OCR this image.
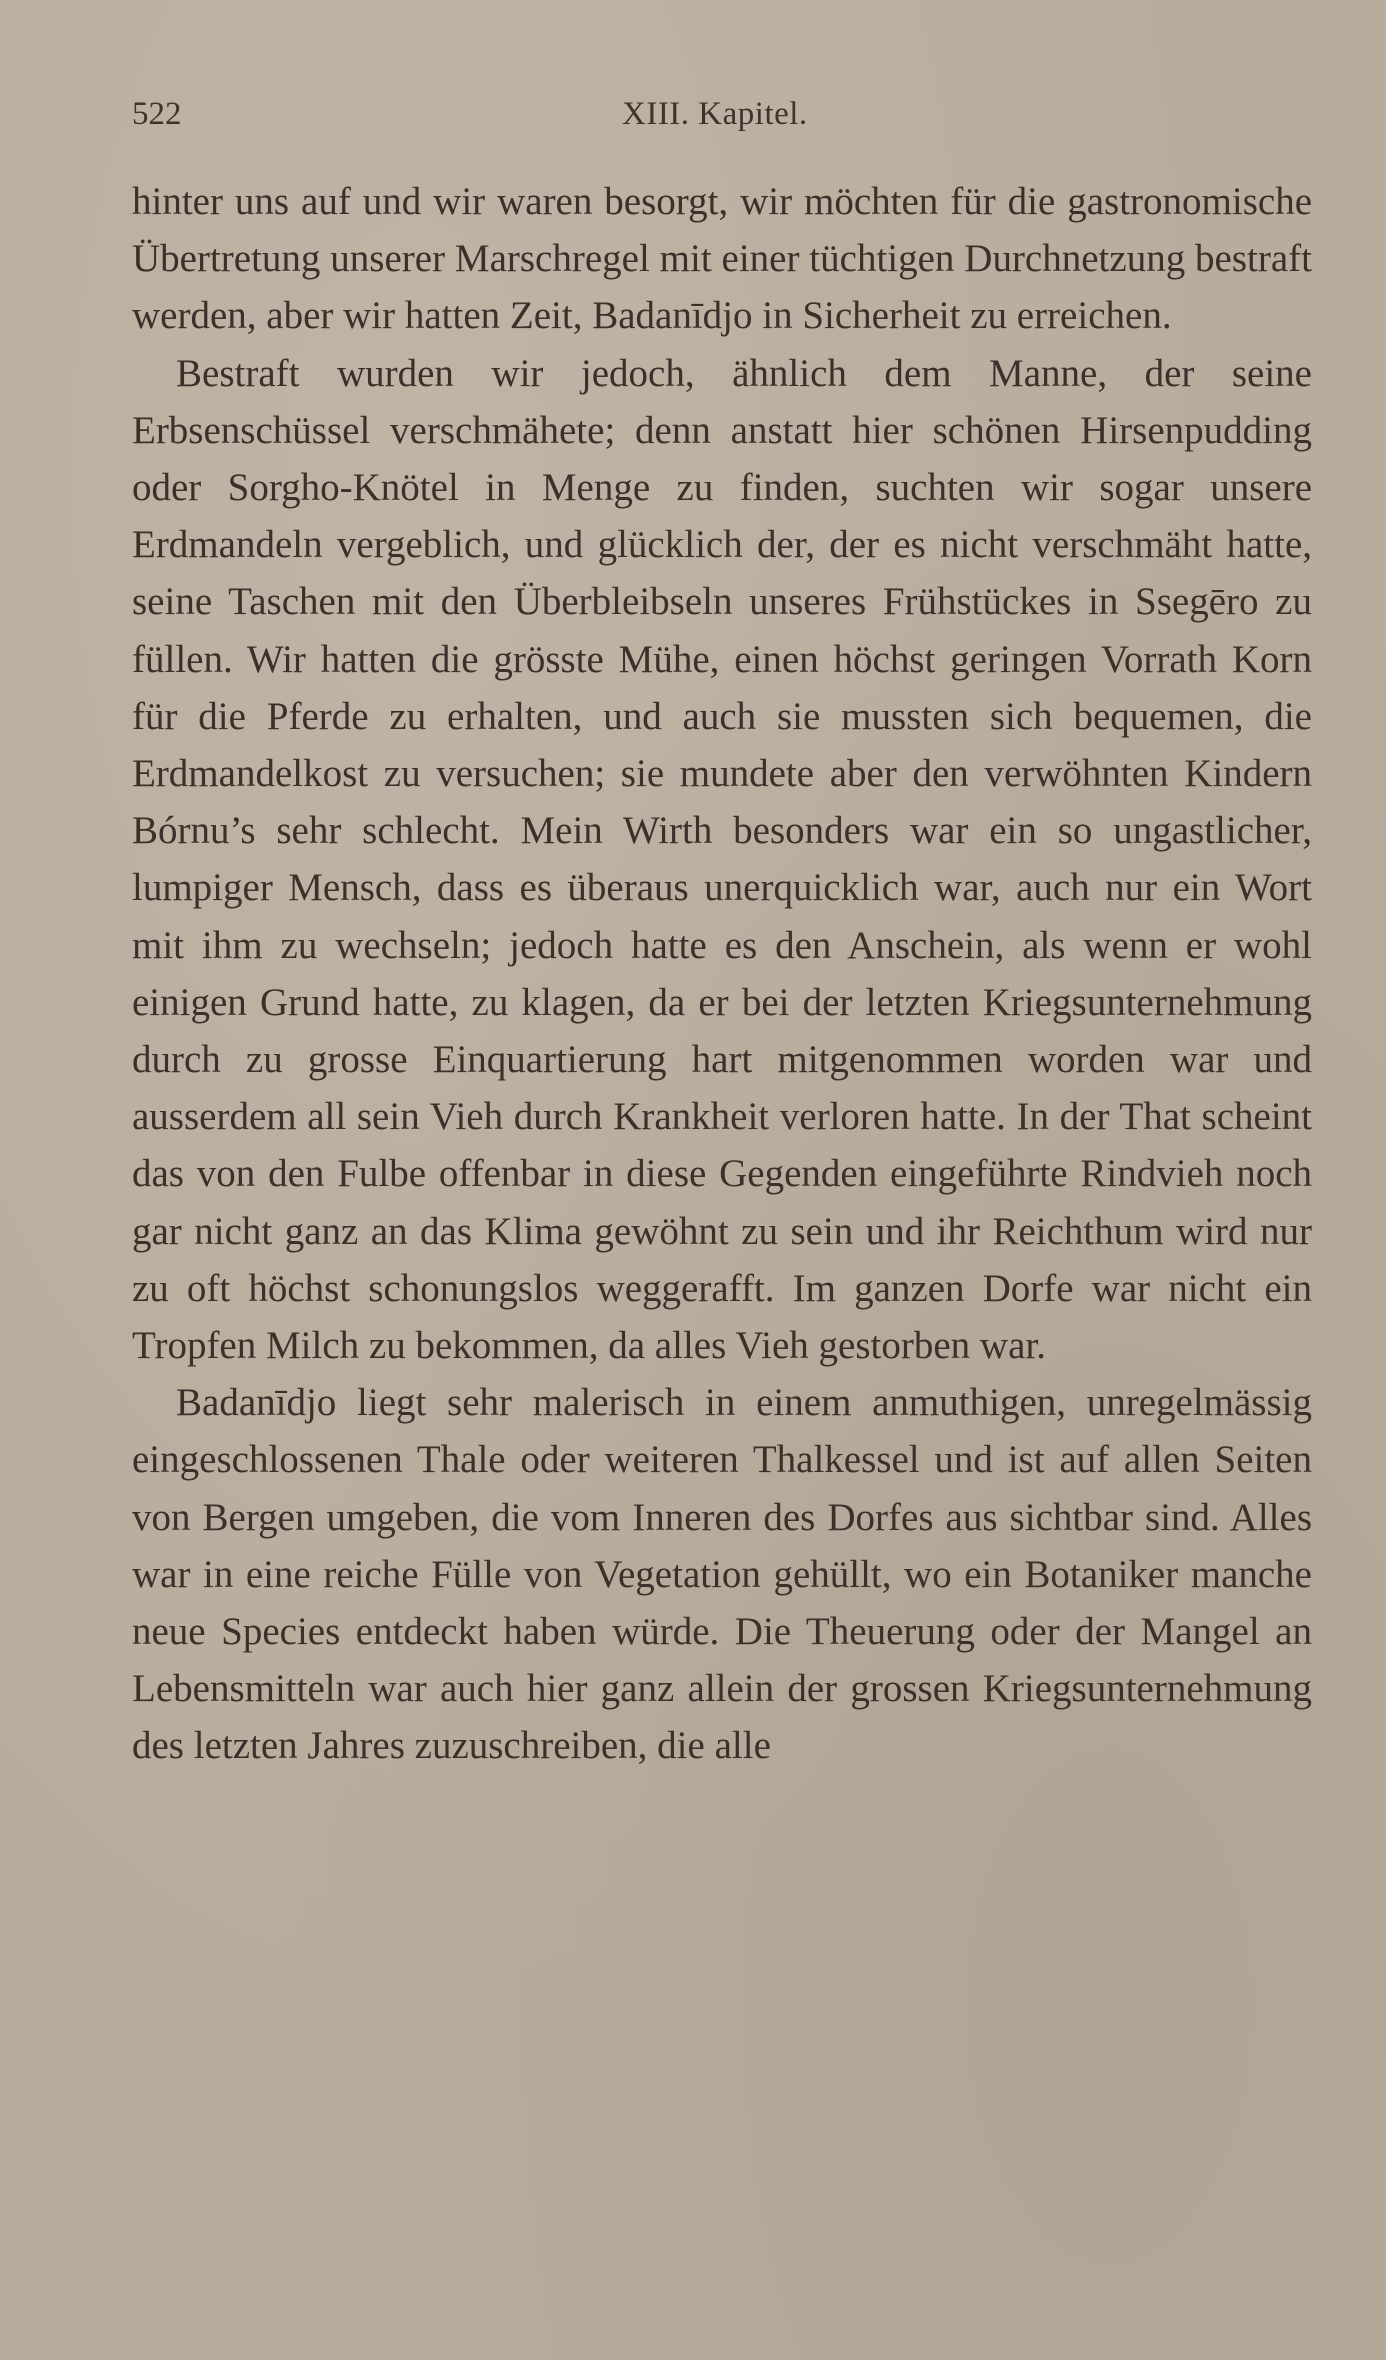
522	XIII. Kapitel.

hinter uns auf und wir waren besorgt, wir möchten für die gastronomische Übertretung unserer Marschregel mit einer tüchtigen Durchnetzung bestraft werden, aber wir hatten Zeit, Badanīdjo in Sicherheit zu erreichen.

Bestraft wurden wir jedoch, ähnlich dem Manne, der seine Erbsenschüssel verschmähete; denn anstatt hier schönen Hirsenpudding oder Sorgho-Knötel in Menge zu finden, suchten wir sogar unsere Erdmandeln vergeblich, und glücklich der, der es nicht verschmäht hatte, seine Taschen mit den Überbleibseln unseres Frühstückes in Ssegēro zu füllen. Wir hatten die grösste Mühe, einen höchst geringen Vorrath Korn für die Pferde zu erhalten, und auch sie mussten sich bequemen, die Erdmandelkost zu versuchen; sie mundete aber den verwöhnten Kindern Bórnu’s sehr schlecht. Mein Wirth besonders war ein so ungastlicher, lumpiger Mensch, dass es überaus unerquicklich war, auch nur ein Wort mit ihm zu wechseln; jedoch hatte es den Anschein, als wenn er wohl einigen Grund hatte, zu klagen, da er bei der letzten Kriegsunternehmung durch zu grosse Einquartierung hart mitgenommen worden war und ausserdem all sein Vieh durch Krankheit verloren hatte. In der That scheint das von den Fulbe offenbar in diese Gegenden eingeführte Rindvieh noch gar nicht ganz an das Klima gewöhnt zu sein und ihr Reichthum wird nur zu oft höchst schonungslos weggerafft. Im ganzen Dorfe war nicht ein Tropfen Milch zu bekommen, da alles Vieh gestorben war.

Badanīdjo liegt sehr malerisch in einem anmuthigen, unregelmässig eingeschlossenen Thale oder weiteren Thalkessel und ist auf allen Seiten von Bergen umgeben, die vom Inneren des Dorfes aus sichtbar sind. Alles war in eine reiche Fülle von Vegetation gehüllt, wo ein Botaniker manche neue Species entdeckt haben würde. Die Theuerung oder der Mangel an Lebensmitteln war auch hier ganz allein der grossen Kriegsunternehmung des letzten Jahres zuzuschreiben, die alle
